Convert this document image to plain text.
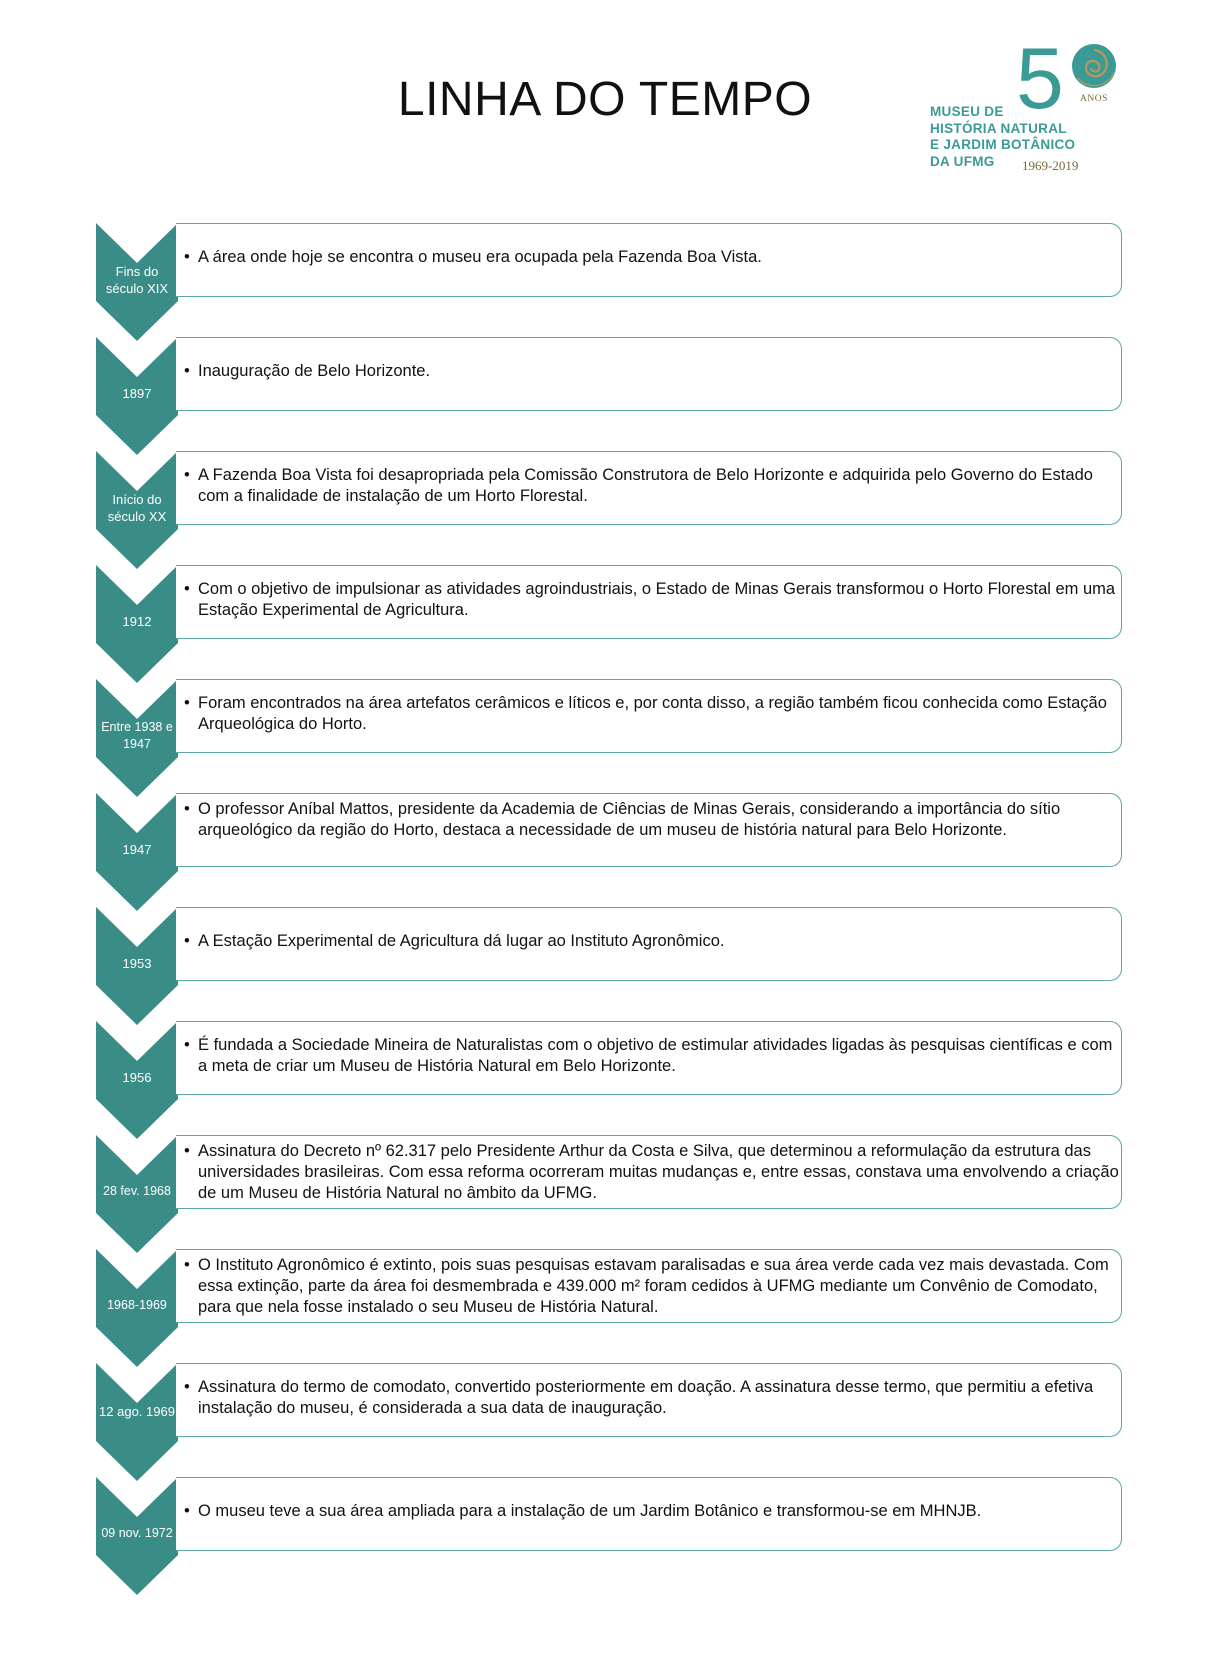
LINHA DO TEMPO 5 ANOS
MUSEU DE
HISTÓRIA NATURAL
E JARDIM BOTÂNICO
DA UFMG	1969-2019
Fins do século XIX
• A área onde hoje se encontra o museu era ocupada pela Fazenda Boa Vista.
1897
• Inauguração de Belo Horizonte.
Início do século XX
• A Fazenda Boa Vista foi desapropriada pela Comissão Construtora de Belo Horizonte e adquirida pelo Governo do Estado com a finalidade de instalação de um Horto Florestal.
1912
• Com o objetivo de impulsionar as atividades agroindustriais, o Estado de Minas Gerais transformou o Horto Florestal em uma Estação Experimental de Agricultura.
Entre 1938 e 1947
• Foram encontrados na área artefatos cerâmicos e líticos e, por conta disso, a região também ficou conhecida como Estação Arqueológica do Horto.
1947
• O professor Aníbal Mattos, presidente da Academia de Ciências de Minas Gerais, considerando a importância do sítio arqueológico da região do Horto, destaca a necessidade de um museu de história natural para Belo Horizonte.
1953
• A Estação Experimental de Agricultura dá lugar ao Instituto Agronômico.
1956
• É fundada a Sociedade Mineira de Naturalistas com o objetivo de estimular atividades ligadas às pesquisas científicas e com a meta de criar um Museu de História Natural em Belo Horizonte.
28 fev. 1968
• Assinatura do Decreto nº 62.317 pelo Presidente Arthur da Costa e Silva, que determinou a reformulação da estrutura das universidades brasileiras. Com essa reforma ocorreram muitas mudanças e, entre essas, constava uma envolvendo a criação de um Museu de História Natural no âmbito da UFMG.
1968-1969
• O Instituto Agronômico é extinto, pois suas pesquisas estavam paralisadas e sua área verde cada vez mais devastada. Com essa extinção, parte da área foi desmembrada e 439.000 m² foram cedidos à UFMG mediante um Convênio de Comodato, para que nela fosse instalado o seu Museu de História Natural.
12 ago. 1969
• Assinatura do termo de comodato, convertido posteriormente em doação. A assinatura desse termo, que permitiu a efetiva instalação do museu, é considerada a sua data de inauguração.
09 nov. 1972
• O museu teve a sua área ampliada para a instalação de um Jardim Botânico e transformou-se em MHNJB.
